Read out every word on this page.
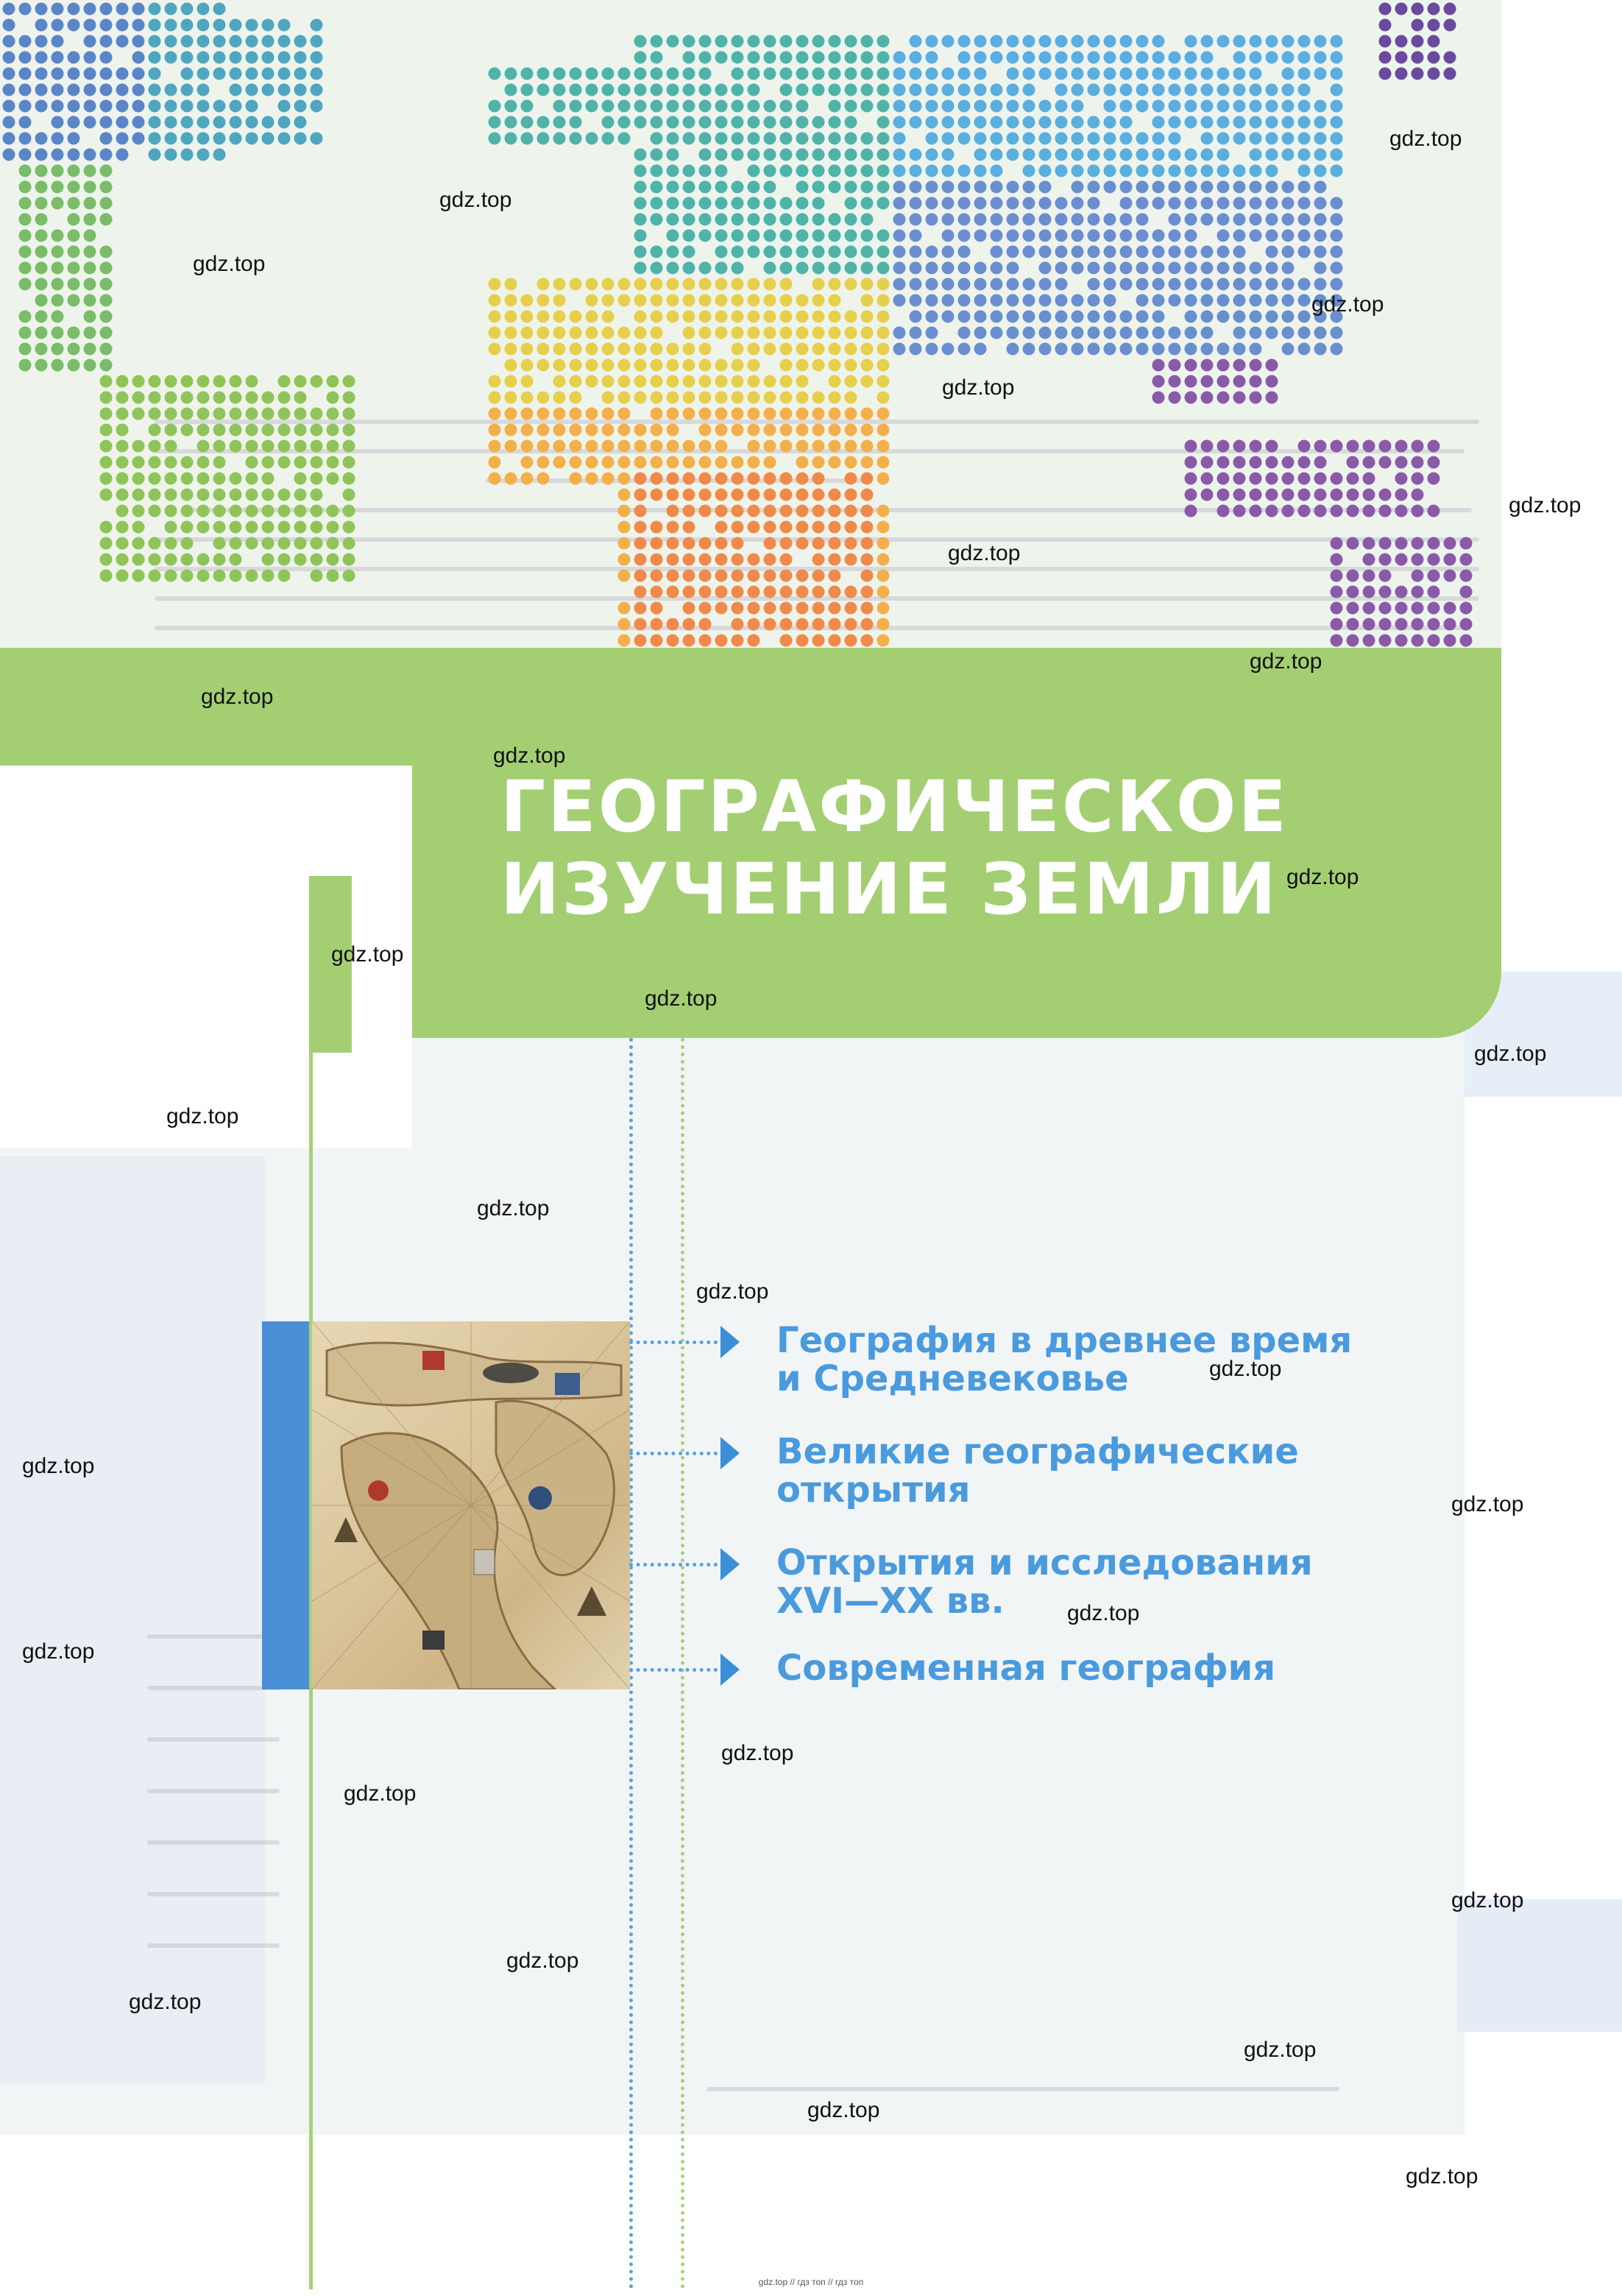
ГЕОГРАФИЧЕСКОЕ
ИЗУЧЕНИЕ ЗЕМЛИ
География в древнее время
и Средневековье
Великие географические
открытия
Открытия и исследования
XVI—XX вв.
Современная география
gdz.top
gdz.top
gdz.top
gdz.top
gdz.top
gdz.top
gdz.top
gdz.top
gdz.top
gdz.top
gdz.top
gdz.top
gdz.top
gdz.top
gdz.top
gdz.top
gdz.top
gdz.top
gdz.top
gdz.top
gdz.top
gdz.top
gdz.top
gdz.top
gdz.top
gdz.top
gdz.top
gdz.top
gdz.top
gdz.top
gdz.top // гдз топ // гдз топ
